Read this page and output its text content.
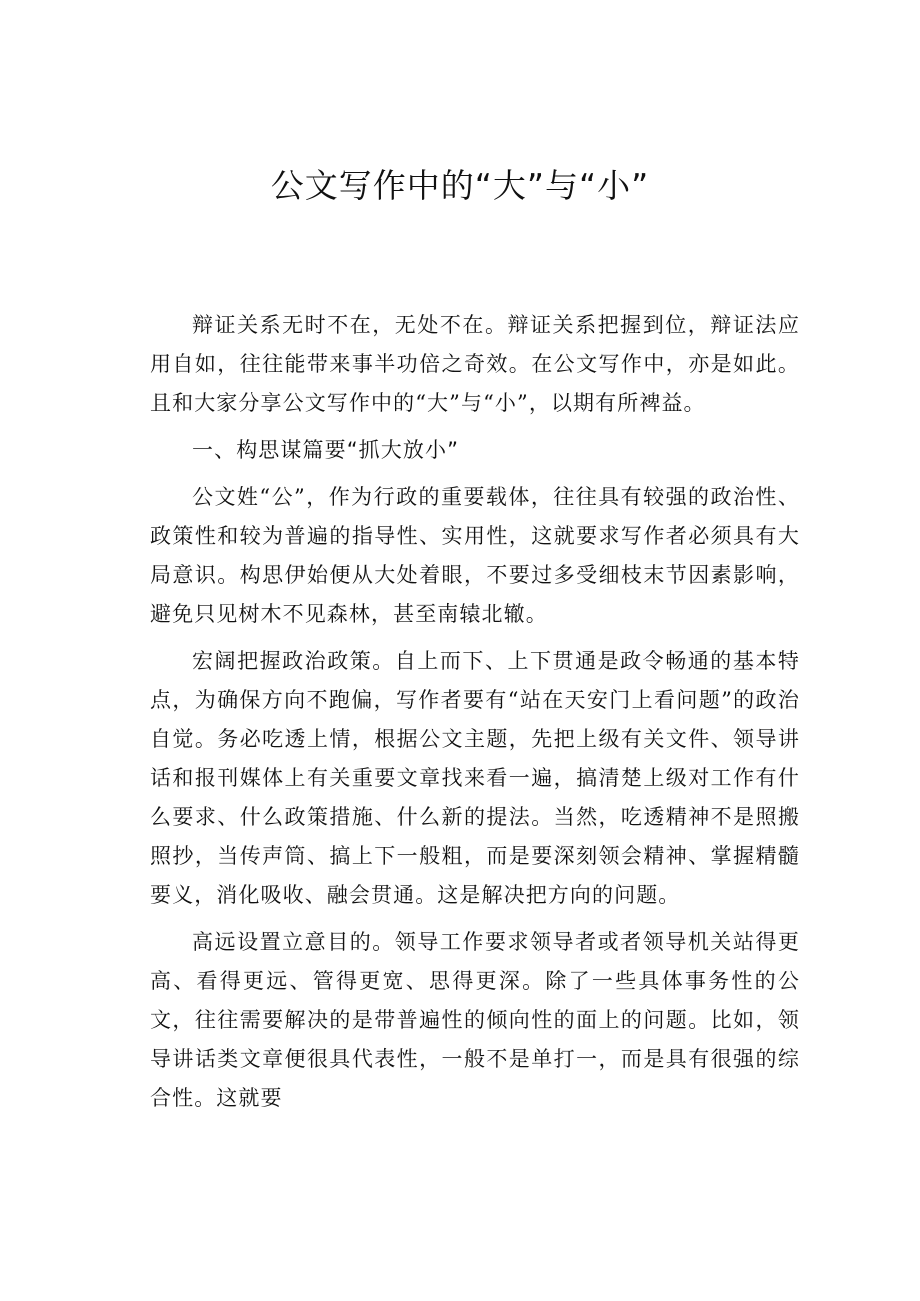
公文写作中的“大”与“小”

辩证关系无时不在，无处不在。辩证关系把握到位，辩证法应用自如，往往能带来事半功倍之奇效。在公文写作中，亦是如此。且和大家分享公文写作中的“大”与“小”，以期有所裨益。

一、构思谋篇要“抓大放小”

公文姓“公”，作为行政的重要载体，往往具有较强的政治性、政策性和较为普遍的指导性、实用性，这就要求写作者必须具有大局意识。构思伊始便从大处着眼，不要过多受细枝末节因素影响，避免只见树木不见森林，甚至南辕北辙。

宏阔把握政治政策。自上而下、上下贯通是政令畅通的基本特点，为确保方向不跑偏，写作者要有“站在天安门上看问题”的政治自觉。务必吃透上情，根据公文主题，先把上级有关文件、领导讲话和报刊媒体上有关重要文章找来看一遍，搞清楚上级对工作有什么要求、什么政策措施、什么新的提法。当然，吃透精神不是照搬照抄，当传声筒、搞上下一般粗，而是要深刻领会精神、掌握精髓要义，消化吸收、融会贯通。这是解决把方向的问题。

高远设置立意目的。领导工作要求领导者或者领导机关站得更高、看得更远、管得更宽、思得更深。除了一些具体事务性的公文，往往需要解决的是带普遍性的倾向性的面上的问题。比如，领导讲话类文章便很具代表性，一般不是单打一，而是具有很强的综合性。这就要
